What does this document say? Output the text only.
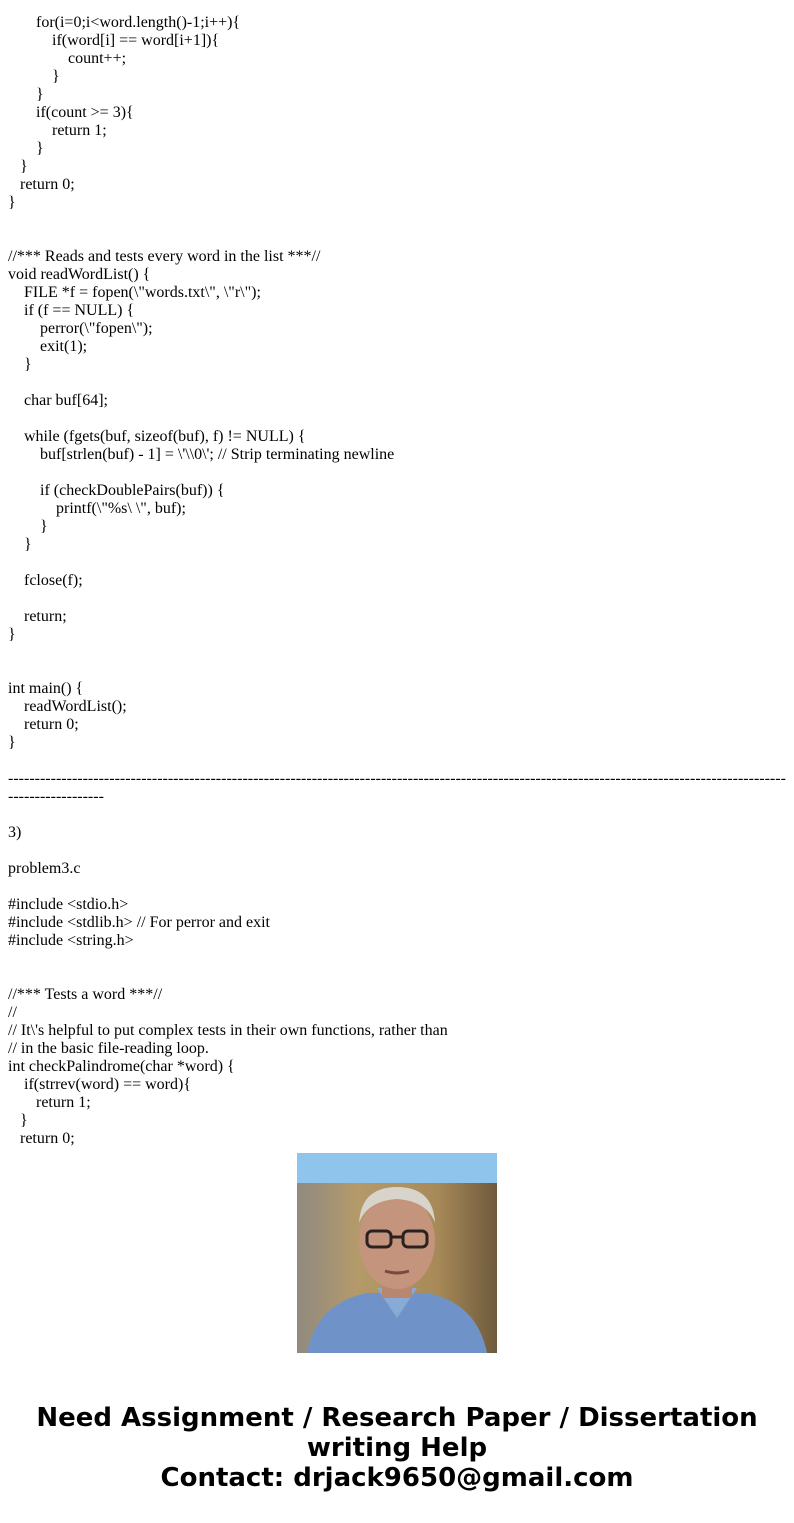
for(i=0;i<word.length()-1;i++){
if(word[i] == word[i+1]){
count++;
}
}
if(count >= 3){
return 1;
}
}
return 0;
}
//*** Reads and tests every word in the list ***//
void readWordList() {
FILE *f = fopen(\"words.txt\", \"r\");
if (f == NULL) {
perror(\"fopen\");
exit(1);
}
char buf[64];
while (fgets(buf, sizeof(buf), f) != NULL) {
buf[strlen(buf) - 1] = \'\\0\'; // Strip terminating newline
if (checkDoublePairs(buf)) {
printf(\"%s\ \", buf);
}
}
fclose(f);
return;
}
int main() {
readWordList();
return 0;
}
--------------------------------------------------------------------------------------------------------------------------------------------------------------------
3)
problem3.c
#include <stdio.h>
#include <stdlib.h> // For perror and exit
#include <string.h>
//*** Tests a word ***//
//
// It\'s helpful to put complex tests in their own functions, rather than
// in the basic file-reading loop.
int checkPalindrome(char *word) {
if(strrev(word) == word){
return 1;
}
return 0;
Need Assignment / Research Paper / Dissertation
writing Help
Contact: drjack9650@gmail.com
